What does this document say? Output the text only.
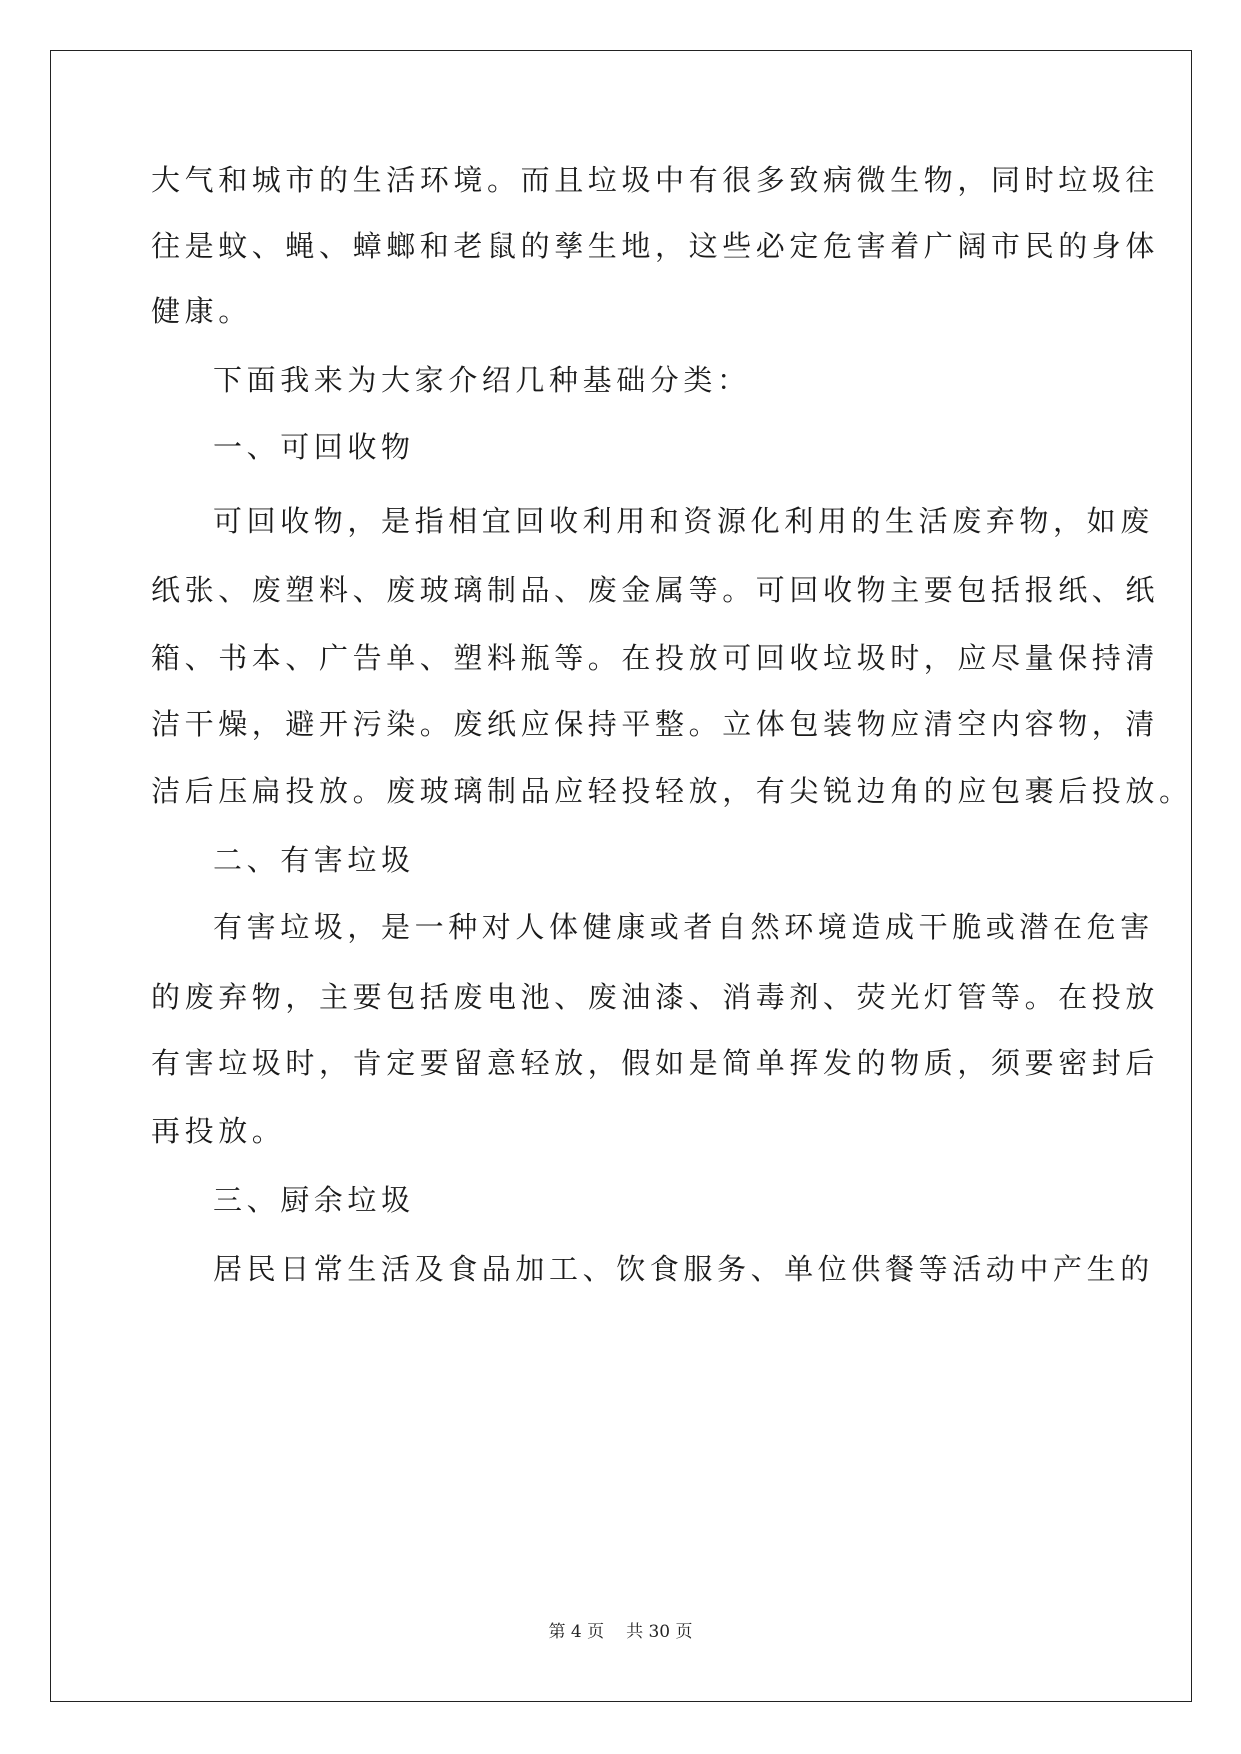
大气和城市的生活环境。而且垃圾中有很多致病微生物，同时垃圾往
往是蚊、蝇、蟑螂和老鼠的孳生地，这些必定危害着广阔市民的身体
健康。
下面我来为大家介绍几种基础分类：
一、可回收物
可回收物，是指相宜回收利用和资源化利用的生活废弃物，如废
纸张、废塑料、废玻璃制品、废金属等。可回收物主要包括报纸、纸
箱、书本、广告单、塑料瓶等。在投放可回收垃圾时，应尽量保持清
洁干燥，避开污染。废纸应保持平整。立体包装物应清空内容物，清
洁后压扁投放。废玻璃制品应轻投轻放，有尖锐边角的应包裹后投放。
二、有害垃圾
有害垃圾，是一种对人体健康或者自然环境造成干脆或潜在危害
的废弃物，主要包括废电池、废油漆、消毒剂、荧光灯管等。在投放
有害垃圾时，肯定要留意轻放，假如是简单挥发的物质，须要密封后
再投放。
三、厨余垃圾
居民日常生活及食品加工、饮食服务、单位供餐等活动中产生的
第 4 页 共 30 页
